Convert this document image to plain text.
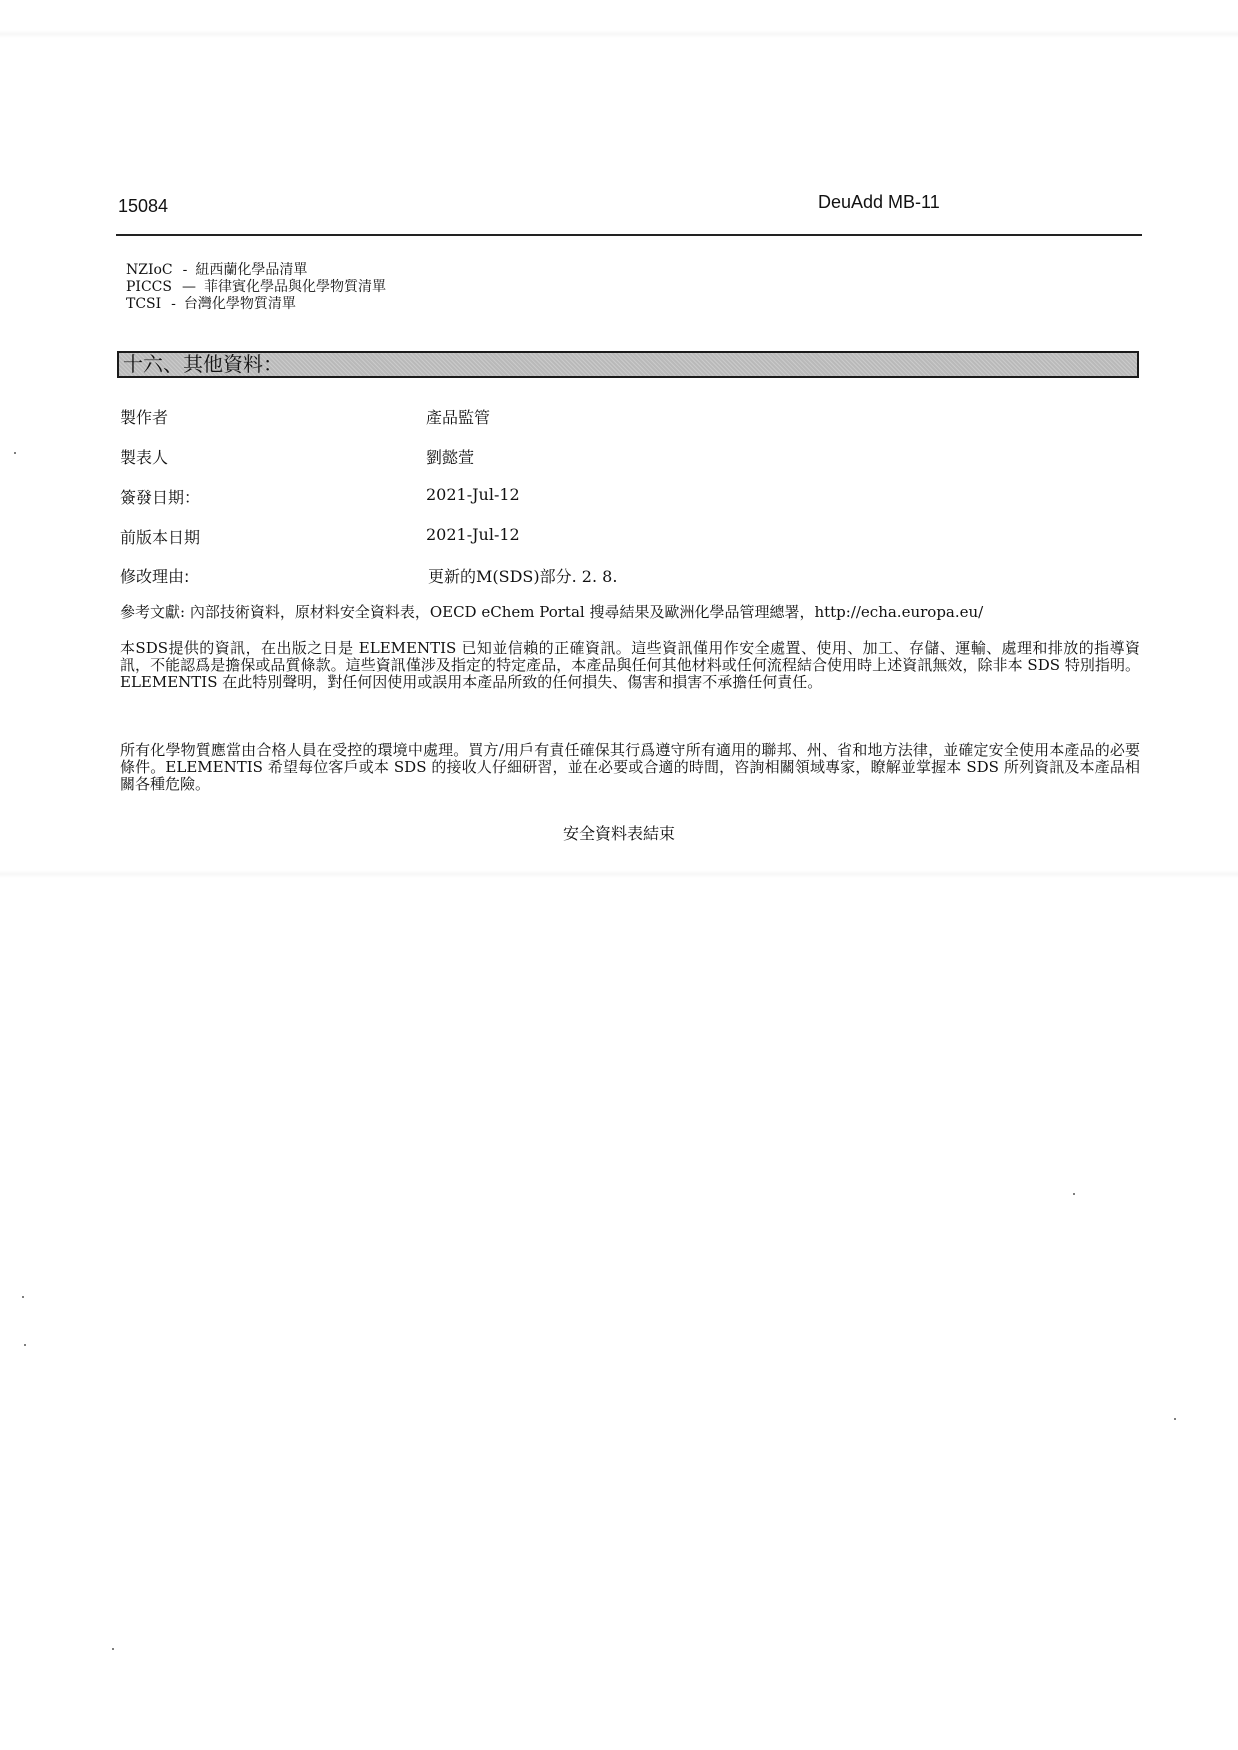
15084	DeuAdd MB-11
NZIoC - 紐西蘭化學品清單
PICCS — 菲律賓化學品與化學物質清單
TCSI - 台灣化學物質清單
十六、其他資料：
製作者	產品監管
製表人	劉懿萱
簽發日期：	2021-Jul-12
前版本日期	2021-Jul-12
修改理由:	更新的M(SDS)部分. 2. 8.
參考文獻: 內部技術資料，原材料安全資料表，OECD eChem Portal 搜尋結果及歐洲化學品管理總署，http://echa.europa.eu/
本SDS提供的資訊，在出版之日是 ELEMENTIS 已知並信賴的正確資訊。這些資訊僅用作安全處置、使用、加工、存儲、運輸、處理和排放的指導資訊，不能認爲是擔保或品質條款。這些資訊僅涉及指定的特定產品，本產品與任何其他材料或任何流程結合使用時上述資訊無效，除非本 SDS 特別指明。ELEMENTIS 在此特別聲明，對任何因使用或誤用本產品所致的任何損失、傷害和損害不承擔任何責任。
所有化學物質應當由合格人員在受控的環境中處理。買方/用戶有責任確保其行爲遵守所有適用的聯邦、州、省和地方法律，並確定安全使用本產品的必要條件。ELEMENTIS 希望每位客戶或本 SDS 的接收人仔細研習，並在必要或合適的時間，咨詢相關領域專家，瞭解並掌握本 SDS 所列資訊及本產品相關各種危險。
安全資料表結束
